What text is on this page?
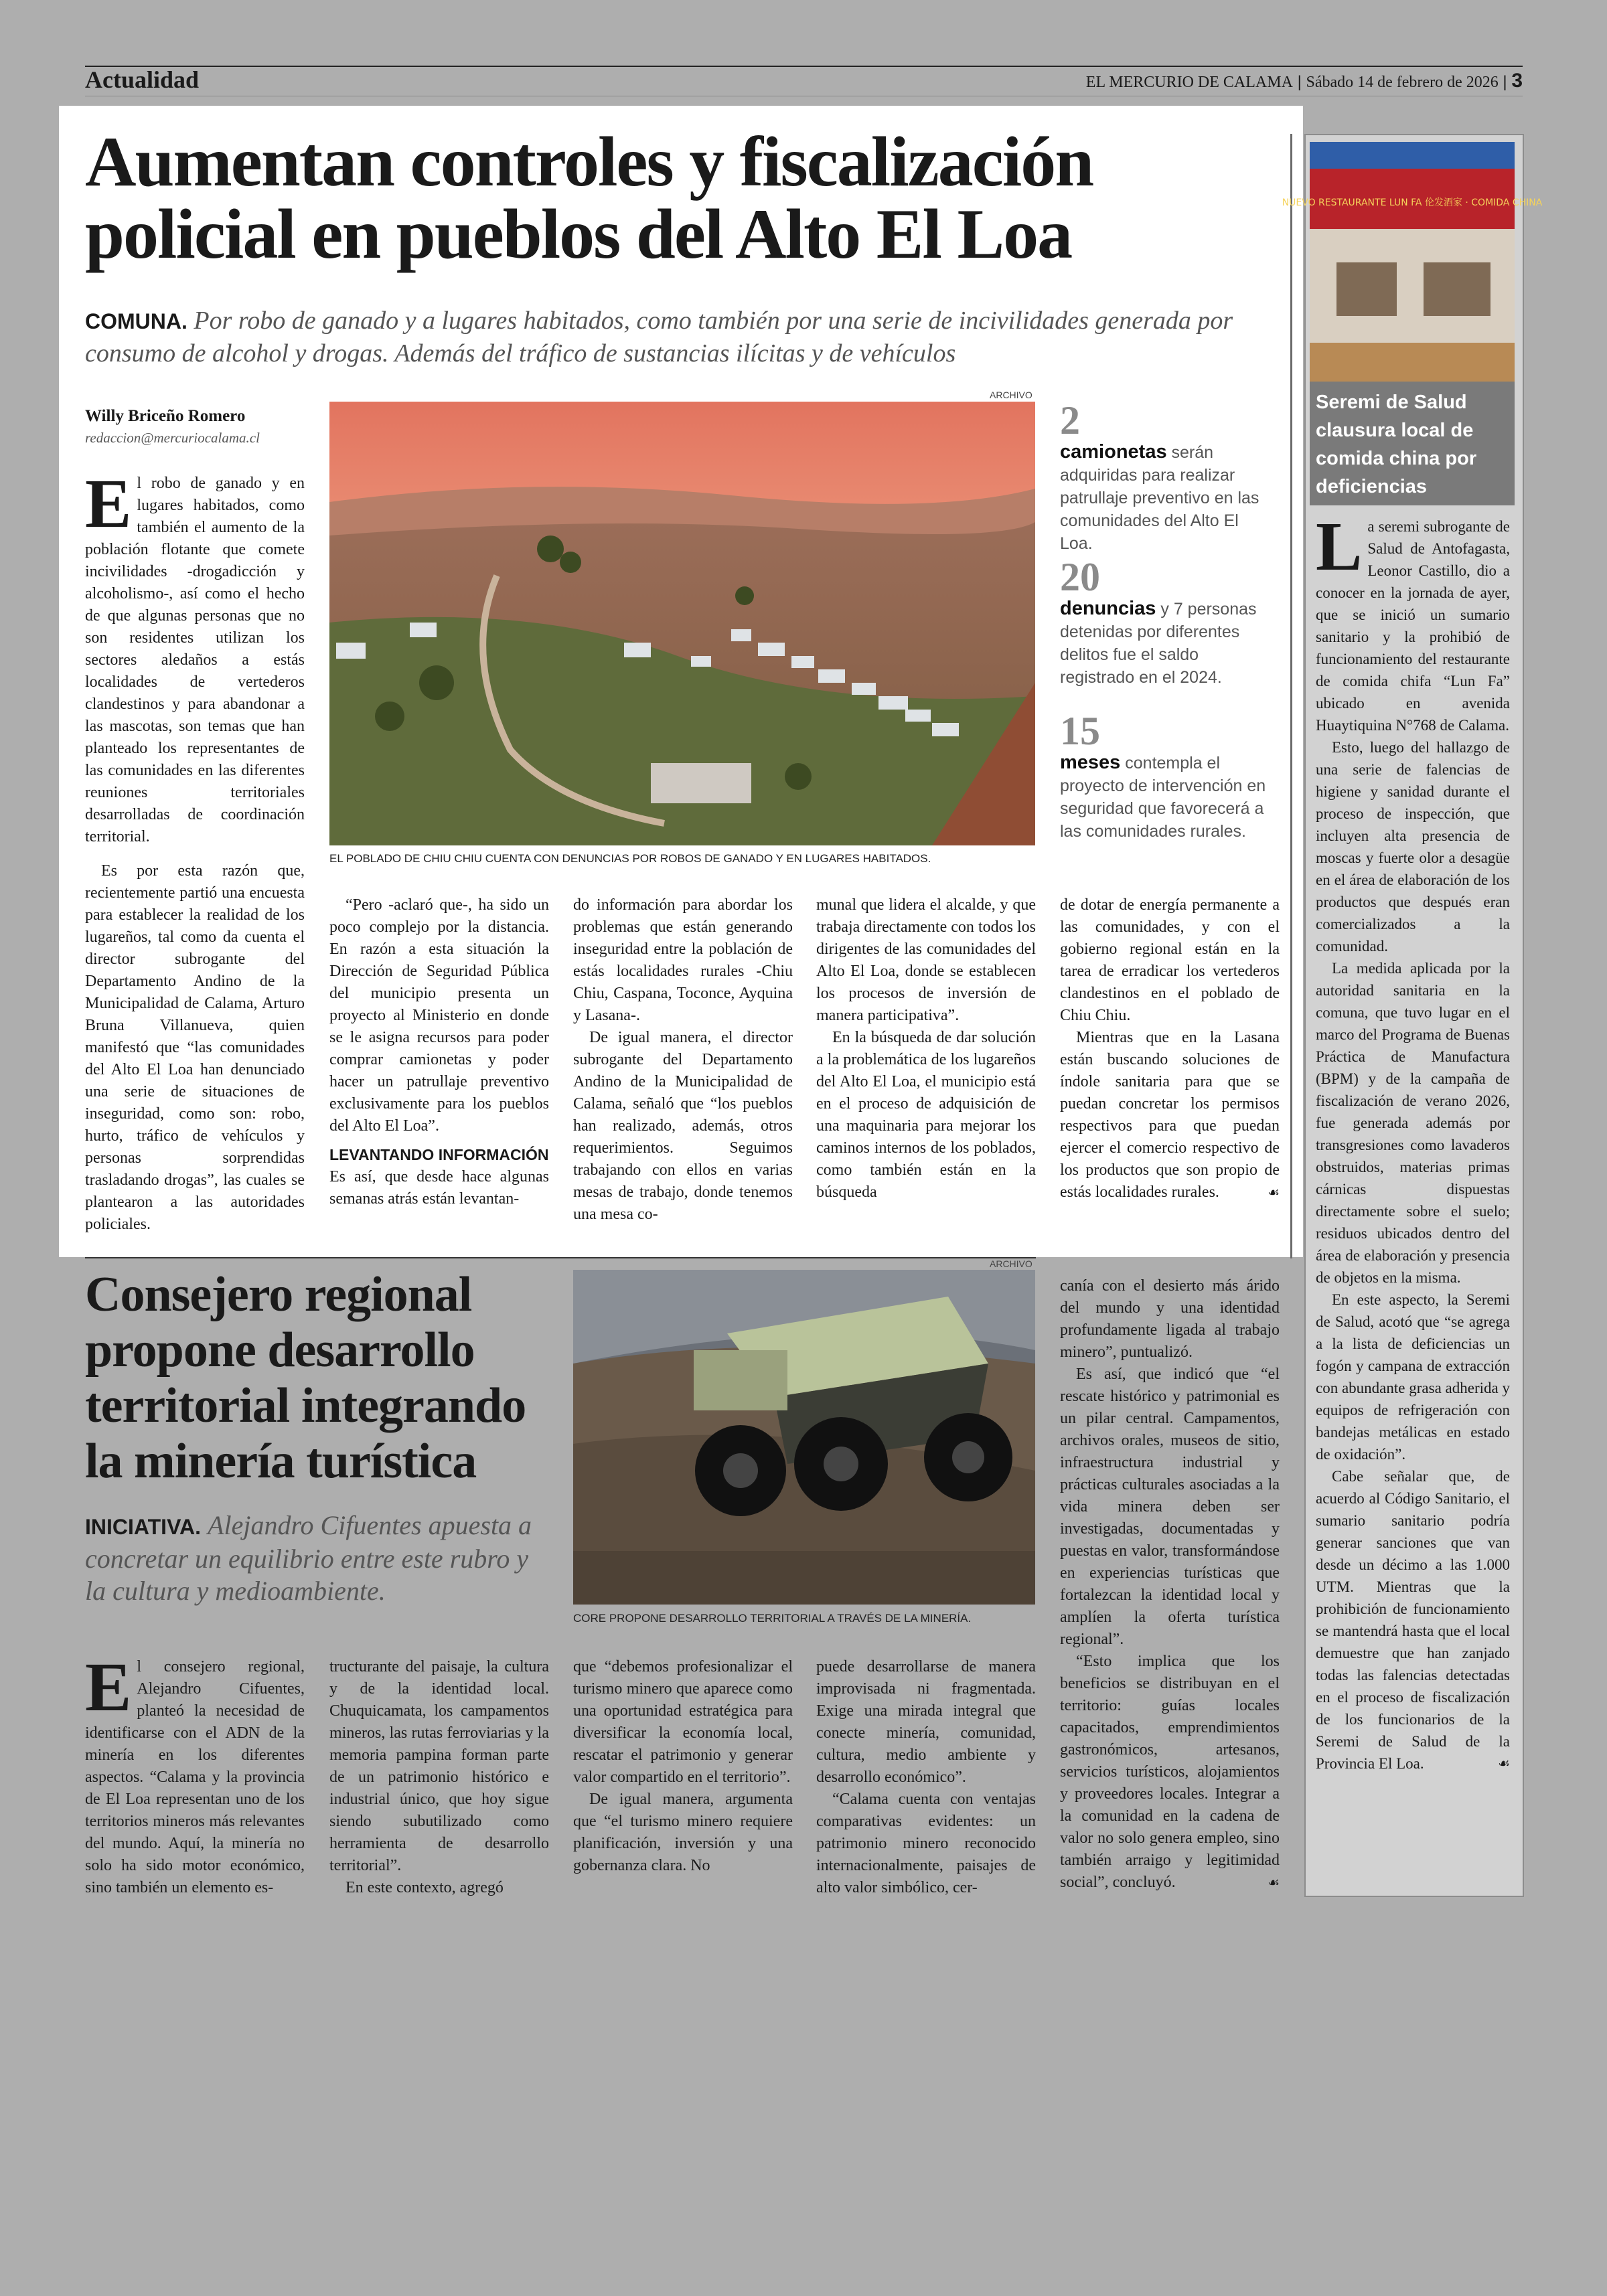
Actualidad	EL MERCURIO DE CALAMA | Sábado 14 de febrero de 2026 | 3
Aumentan controles y fiscalización policial en pueblos del Alto El Loa
COMUNA. Por robo de ganado y a lugares habitados, como también por una serie de incivilidades generada por consumo de alcohol y drogas. Además del tráfico de sustancias ilícitas y de vehículos
Willy Briceño Romero
redaccion@mercuriocalama.cl
ARCHIVO
EL POBLADO DE CHIU CHIU CUENTA CON DENUNCIAS POR ROBOS DE GANADO Y EN LUGARES HABITADOS.
2
camionetas serán adquiridas para realizar patrullaje preventivo en las comunidades del Alto El Loa.
20
denuncias y 7 personas detenidas por diferentes delitos fue el saldo registrado en el 2024.
15
meses contempla el proyecto de intervención en seguridad que favorecerá a las comunidades rurales.

El robo de ganado y en lugares habitados, como también el aumento de la población flotante que comete incivilidades -drogadicción y alcoholismo-, así como el hecho de que algunas personas que no son residentes utilizan los sectores aledaños a estás localidades de vertederos clandestinos y para abandonar a las mascotas, son temas que han planteado los representantes de las comunidades en las diferentes reuniones territoriales desarrolladas de coordinación territorial.

Es por esta razón que, recientemente partió una encuesta para establecer la realidad de los lugareños, tal como da cuenta el director subrogante del Departamento Andino de la Municipalidad de Calama, Arturo Bruna Villanueva, quien manifestó que “las comunidades del Alto El Loa han denunciado una serie de situaciones de inseguridad, como son: robo, hurto, tráfico de vehículos y personas sorprendidas trasladando drogas”, las cuales se plantearon a las autoridades policiales.

“Pero -aclaró que-, ha sido un poco complejo por la distancia. En razón a esta situación la Dirección de Seguridad Pública del municipio presenta un proyecto al Ministerio en donde se le asigna recursos para poder comprar camionetas y poder hacer un patrullaje preventivo exclusivamente para los pueblos del Alto El Loa”.

LEVANTANDO INFORMACIÓN

Es así, que desde hace algunas semanas atrás están levantan-

do información para abordar los problemas que están generando inseguridad entre la población de estás localidades rurales -Chiu Chiu, Caspana, Toconce, Ayquina y Lasana-.

De igual manera, el director subrogante del Departamento Andino de la Municipalidad de Calama, señaló que “los pueblos han realizado, además, otros requerimientos. Seguimos trabajando con ellos en varias mesas de trabajo, donde tenemos una mesa co-

munal que lidera el alcalde, y que trabaja directamente con todos los dirigentes de las comunidades del Alto El Loa, donde se establecen los procesos de inversión de manera participativa”.

En la búsqueda de dar solución a la problemática de los lugareños del Alto El Loa, el municipio está en el proceso de adquisición de una maquinaria para mejorar los caminos internos de los poblados, como también están en la búsqueda

de dotar de energía permanente a las comunidades, y con el gobierno regional están en la tarea de erradicar los vertederos clandestinos en el poblado de Chiu Chiu.

Mientras que en la Lasana están buscando soluciones de índole sanitaria para que se puedan concretar los permisos respectivos para que puedan ejercer el comercio respectivo de los productos que son propio de estás localidades rurales.	☙

Consejero regional propone desarrollo territorial integrando la minería turística
INICIATIVA. Alejandro Cifuentes apuesta a concretar un equilibrio entre este rubro y la cultura y medioambiente.
ARCHIVO
CORE PROPONE DESARROLLO TERRITORIAL A TRAVÉS DE LA MINERÍA.

El consejero regional, Alejandro Cifuentes, planteó la necesidad de identificarse con el ADN de la minería en los diferentes aspectos. “Calama y la provincia de El Loa representan uno de los territorios mineros más relevantes del mundo. Aquí, la minería no solo ha sido motor económico, sino también un elemento es-

tructurante del paisaje, la cultura y de la identidad local. Chuquicamata, los campamentos mineros, las rutas ferroviarias y la memoria pampina forman parte de un patrimonio histórico e industrial único, que hoy sigue siendo subutilizado como herramienta de desarrollo territorial”.

En este contexto, agregó

que “debemos profesionalizar el turismo minero que aparece como una oportunidad estratégica para diversificar la economía local, rescatar el patrimonio y generar valor compartido en el territorio”.

De igual manera, argumenta que “el turismo minero requiere planificación, inversión y una gobernanza clara. No

puede desarrollarse de manera improvisada ni fragmentada. Exige una mirada integral que conecte minería, comunidad, cultura, medio ambiente y desarrollo económico”.

“Calama cuenta con ventajas comparativas evidentes: un patrimonio minero reconocido internacionalmente, paisajes de alto valor simbólico, cer-

canía con el desierto más árido del mundo y una identidad profundamente ligada al trabajo minero”, puntualizó.

Es así, que indicó que “el rescate histórico y patrimonial es un pilar central. Campamentos, archivos orales, museos de sitio, infraestructura industrial y prácticas culturales asociadas a la vida minera deben ser investigadas, documentadas y puestas en valor, transformándose en experiencias turísticas que fortalezcan la identidad local y amplíen la oferta turística regional”.

“Esto implica que los beneficios se distribuyan en el territorio: guías locales capacitados, emprendimientos gastronómicos, artesanos, servicios turísticos, alojamientos y proveedores locales. Integrar a la comunidad en la cadena de valor no solo genera empleo, sino también arraigo y legitimidad social”, concluyó.	☙

NUEVO RESTAURANTE LUN FA 伦发酒家 · COMIDA CHINA
Seremi de Salud clausura local de comida china por deficiencias

La seremi subrogante de Salud de Antofagasta, Leonor Castillo, dio a conocer en la jornada de ayer, que se inició un sumario sanitario y la prohibió de funcionamiento del restaurante de comida chifa “Lun Fa” ubicado en avenida Huaytiquina N°768 de Calama.

Esto, luego del hallazgo de una serie de falencias de higiene y sanidad durante el proceso de inspección, que incluyen alta presencia de moscas y fuerte olor a desagüe en el área de elaboración de los productos que después eran comercializados a la comunidad.

La medida aplicada por la autoridad sanitaria en la comuna, que tuvo lugar en el marco del Programa de Buenas Práctica de Manufactura (BPM) y de la campaña de fiscalización de verano 2026, fue generada además por transgresiones como lavaderos obstruidos, materias primas cárnicas dispuestas directamente sobre el suelo; residuos ubicados dentro del área de elaboración y presencia de objetos en la misma.

En este aspecto, la Seremi de Salud, acotó que “se agrega a la lista de deficiencias un fogón y campana de extracción con abundante grasa adherida y equipos de refrigeración con bandejas metálicas en estado de oxidación”.

Cabe señalar que, de acuerdo al Código Sanitario, el sumario sanitario podría generar sanciones que van desde un décimo a las 1.000 UTM. Mientras que la prohibición de funcionamiento se mantendrá hasta que el local demuestre que han zanjado todas las falencias detectadas en el proceso de fiscalización de los funcionarios de la Seremi de Salud de la Provincia El Loa.	☙
